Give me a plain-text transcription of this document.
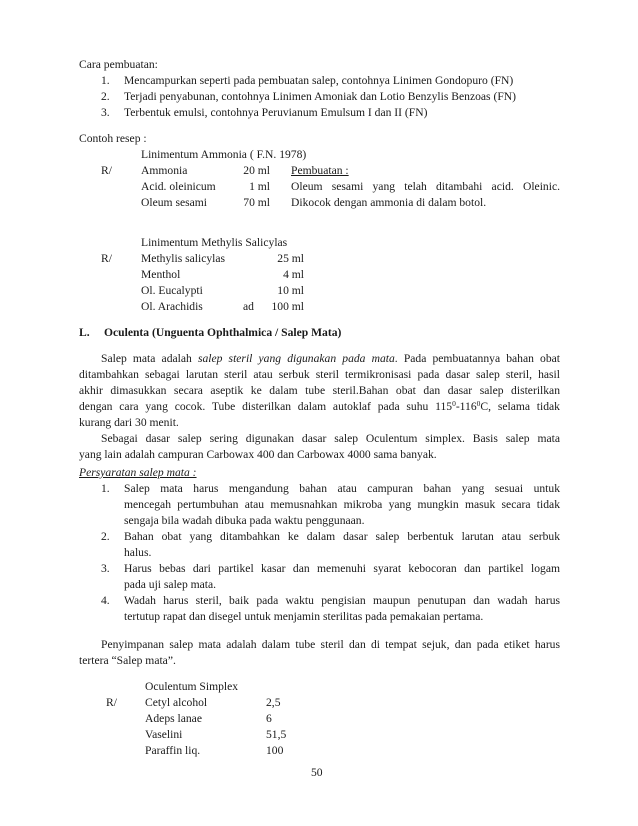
Cara pembuatan:
1. Mencampurkan seperti pada pembuatan salep, contohnya Linimen Gondopuro (FN)
2. Terjadi penyabunan, contohnya Linimen Amoniak dan Lotio Benzylis Benzoas (FN)
3. Terbentuk emulsi, contohnya Peruvianum Emulsum I dan II (FN)
Contoh resep :
Linimentum Ammonia ( F.N. 1978)
R/	Ammonia	20 ml
Acid. oleinicum	1 ml
Oleum sesami	70 ml
Pembuatan :
Oleum sesami yang telah ditambahi acid. Oleinic.
Dikocok dengan ammonia di dalam botol.
Linimentum Methylis Salicylas
R/	Methylis salicylas	25 ml
Menthol	4 ml
Ol. Eucalypti	10 ml
Ol. Arachidis	ad	100 ml
L. Oculenta (Unguenta Ophthalmica / Salep Mata)
Salep mata adalah salep steril yang digunakan pada mata. Pada pembuatannya bahan obat
ditambahkan sebagai larutan steril atau serbuk steril termikronisasi pada dasar salep steril, hasil
akhir dimasukkan secara aseptik ke dalam tube steril.Bahan obat dan dasar salep disterilkan
dengan cara yang cocok. Tube disterilkan dalam autoklaf pada suhu $115^0-116^0C$, selama tidak
kurang dari 30 menit.
Sebagai dasar salep sering digunakan dasar salep Oculentum simplex. Basis salep mata
yang lain adalah campuran Carbowax 400 dan Carbowax 4000 sama banyak.
Persyaratan salep mata :
1. Salep mata harus mengandung bahan atau campuran bahan yang sesuai untuk
mencegah pertumbuhan atau memusnahkan mikroba yang mungkin masuk secara tidak
sengaja bila wadah dibuka pada waktu penggunaan.
2. Bahan obat yang ditambahkan ke dalam dasar salep berbentuk larutan atau serbuk
halus.
3. Harus bebas dari partikel kasar dan memenuhi syarat kebocoran dan partikel logam
pada uji salep mata.
4. Wadah harus steril, baik pada waktu pengisian maupun penutupan dan wadah harus
tertutup rapat dan disegel untuk menjamin sterilitas pada pemakaian pertama.
Penyimpanan salep mata adalah dalam tube steril dan di tempat sejuk, dan pada etiket harus
tertera “Salep mata”.
Oculentum Simplex
R/ Cetyl alcohol	2,5
Adeps lanae	6
Vaselini	51,5
Paraffin liq.	100
50
